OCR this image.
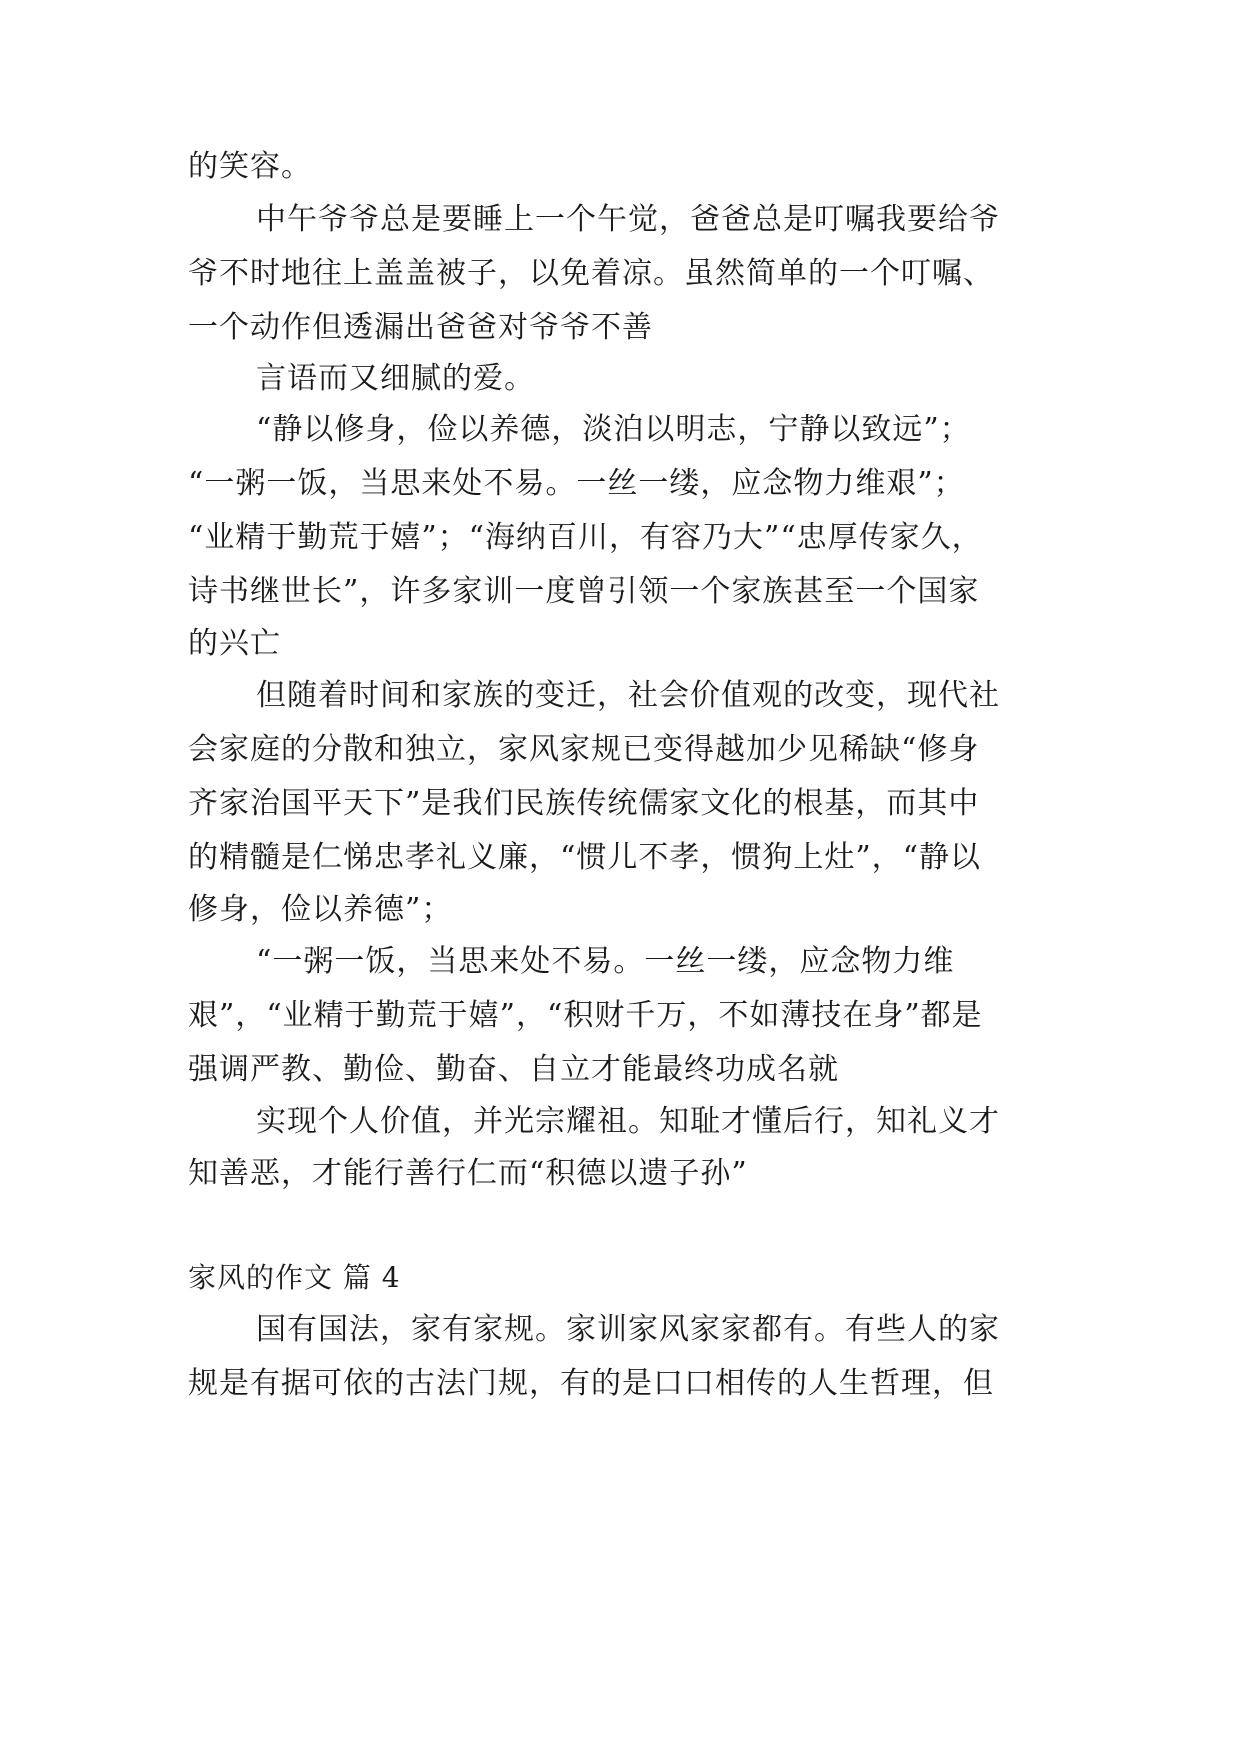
的笑容。
中午爷爷总是要睡上一个午觉，爸爸总是叮嘱我要给爷
爷不时地往上盖盖被子，以免着凉。虽然简单的一个叮嘱、
一个动作但透漏出爸爸对爷爷不善
言语而又细腻的爱。
“静以修身，俭以养德，淡泊以明志，宁静以致远”；
“一粥一饭，当思来处不易。一丝一缕，应念物力维艰”；
“业精于勤荒于嬉”；“海纳百川，有容乃大”“忠厚传家久，
诗书继世长”，许多家训一度曾引领一个家族甚至一个国家
的兴亡
但随着时间和家族的变迁，社会价值观的改变，现代社
会家庭的分散和独立，家风家规已变得越加少见稀缺“修身
齐家治国平天下”是我们民族传统儒家文化的根基，而其中
的精髓是仁悌忠孝礼义廉，“惯儿不孝，惯狗上灶”，“静以
修身，俭以养德”；
“一粥一饭，当思来处不易。一丝一缕，应念物力维
艰”，“业精于勤荒于嬉”，“积财千万，不如薄技在身”都是
强调严教、勤俭、勤奋、自立才能最终功成名就
实现个人价值，并光宗耀祖。知耻才懂后行，知礼义才
知善恶，才能行善行仁而“积德以遗子孙”
家风的作文 篇 4
国有国法，家有家规。家训家风家家都有。有些人的家
规是有据可依的古法门规，有的是口口相传的人生哲理，但
